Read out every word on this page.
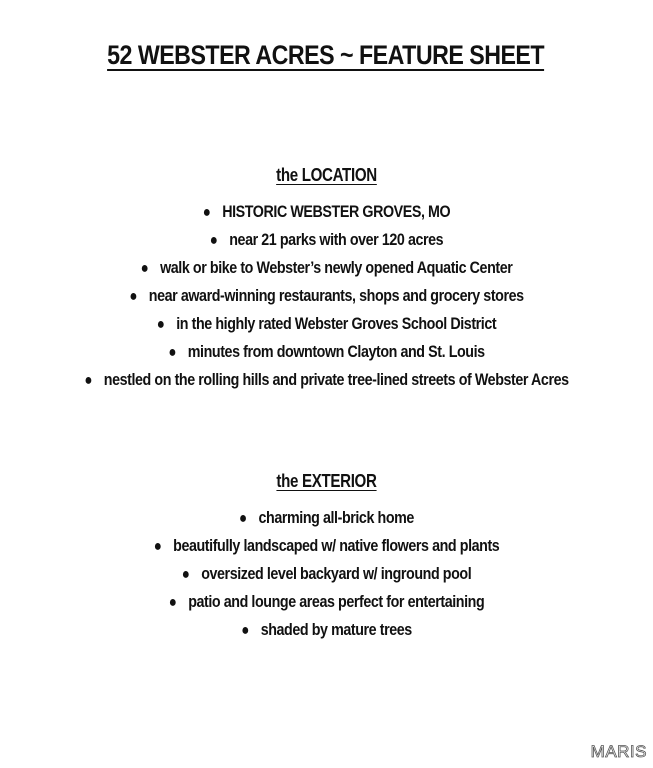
52 WEBSTER ACRES ~ FEATURE SHEET
the LOCATION
● HISTORIC WEBSTER GROVES, MO
● near 21 parks with over 120 acres
● walk or bike to Webster’s newly opened Aquatic Center
● near award-winning restaurants, shops and grocery stores
● in the highly rated Webster Groves School District
● minutes from downtown Clayton and St. Louis
● nestled on the rolling hills and private tree-lined streets of Webster Acres
the EXTERIOR
● charming all-brick home
● beautifully landscaped w/ native flowers and plants
● oversized level backyard w/ inground pool
● patio and lounge areas perfect for entertaining
● shaded by mature trees
MARIS
